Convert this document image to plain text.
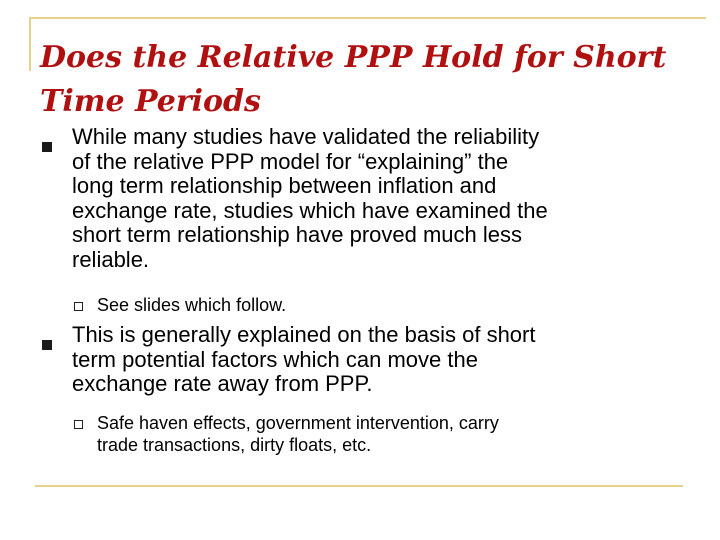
Does the Relative PPP Hold for Short
Time Periods
While many studies have validated the reliability
of the relative PPP model for “explaining” the
long term relationship between inflation and
exchange rate, studies which have examined the
short term relationship have proved much less
reliable.
See slides which follow.
This is generally explained on the basis of short
term potential factors which can move the
exchange rate away from PPP.
Safe haven effects, government intervention, carry
trade transactions, dirty floats, etc.
